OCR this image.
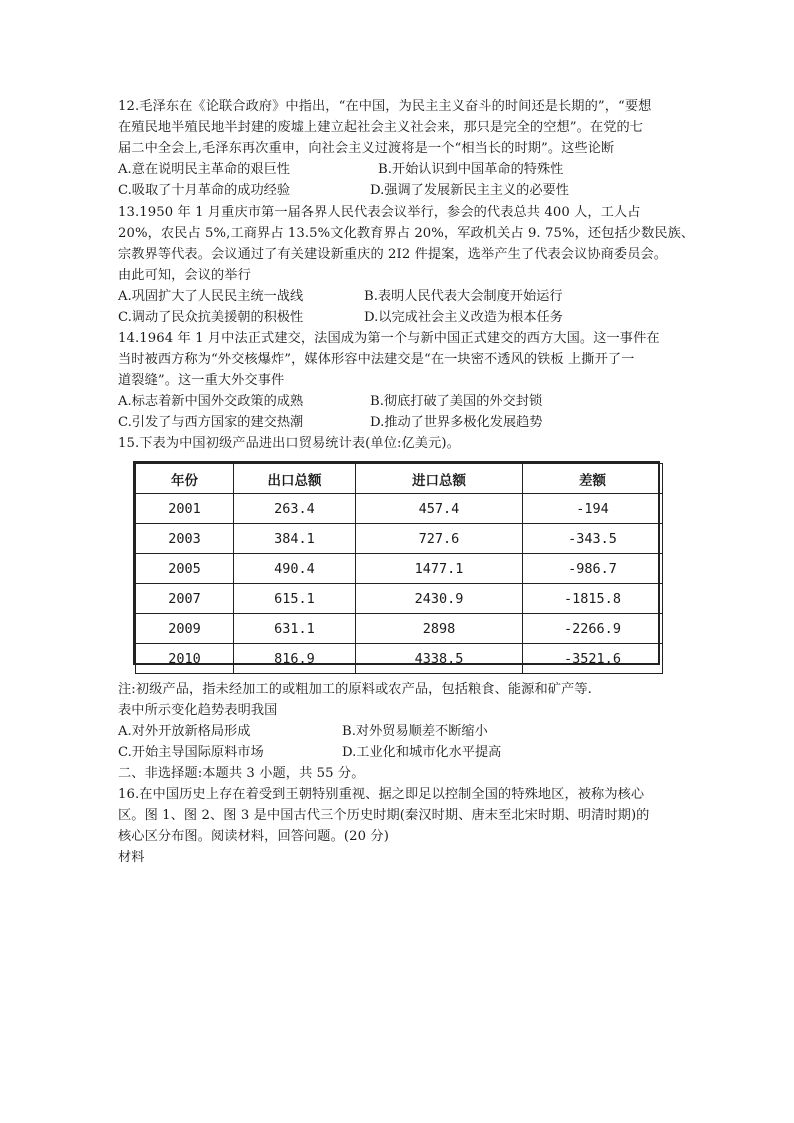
12.毛泽东在《论联合政府》中指出，“在中国，为民主主义奋斗的时间还是长期的”，“要想
在殖民地半殖民地半封建的废墟上建立起社会主义社会来，那只是完全的空想”。在党的七
届二中全会上,毛泽东再次重申，向社会主义过渡将是一个“相当长的时期”。这些论断
A.意在说明民主革命的艰巨性	B.开始认识到中国革命的特殊性
C.吸取了十月革命的成功经验	D.强调了发展新民主主义的必要性
13.1950 年 1 月重庆市第一届各界人民代表会议举行，参会的代表总共 400 人，工人占
20%，农民占 5%,工商界占 13.5%文化教育界占 20%，军政机关占 9. 75%，还包括少数民族、
宗教界等代表。会议通过了有关建设新重庆的 2I2 件提案，选举产生了代表会议协商委员会。
由此可知，会议的举行
A.巩固扩大了人民民主统一战线	B.表明人民代表大会制度开始运行
C.调动了民众抗美援朝的积极性	D.以完成社会主义改造为根本任务
14.1964 年 1 月中法正式建交，法国成为第一个与新中国正式建交的西方大国。这一事件在
当时被西方称为“外交核爆炸”，媒体形容中法建交是“在一块密不透风的铁板 上撕开了一
道裂缝”。这一重大外交事件
A.标志着新中国外交政策的成熟	B.彻底打破了美国的外交封锁
C.引发了与西方国家的建交热潮	D.推动了世界多极化发展趋势
15.下表为中国初级产品进出口贸易统计表(单位:亿美元)。
年份	出口总额	进口总额	差额
2001	263.4	457.4	-194
2003	384.1	727.6	-343.5
2005	490.4	1477.1	-986.7
2007	615.1	2430.9	-1815.8
2009	631.1	2898	-2266.9
2010	816.9	4338.5	-3521.6
注:初级产品，指未经加工的或粗加工的原料或农产品，包括粮食、能源和矿产等.
表中所示变化趋势表明我国
A.对外开放新格局形成	B.对外贸易顺差不断缩小
C.开始主导国际原料市场	D.工业化和城市化水平提高
二、非选择题:本题共 3 小题，共 55 分。
16.在中国历史上存在着受到王朝特别重视、据之即足以控制全国的特殊地区，被称为核心
区。图 1、图 2、图 3 是中国古代三个历史时期(秦汉时期、唐末至北宋时期、明清时期)的
核心区分布图。阅读材料，回答问题。(20 分)
材料
